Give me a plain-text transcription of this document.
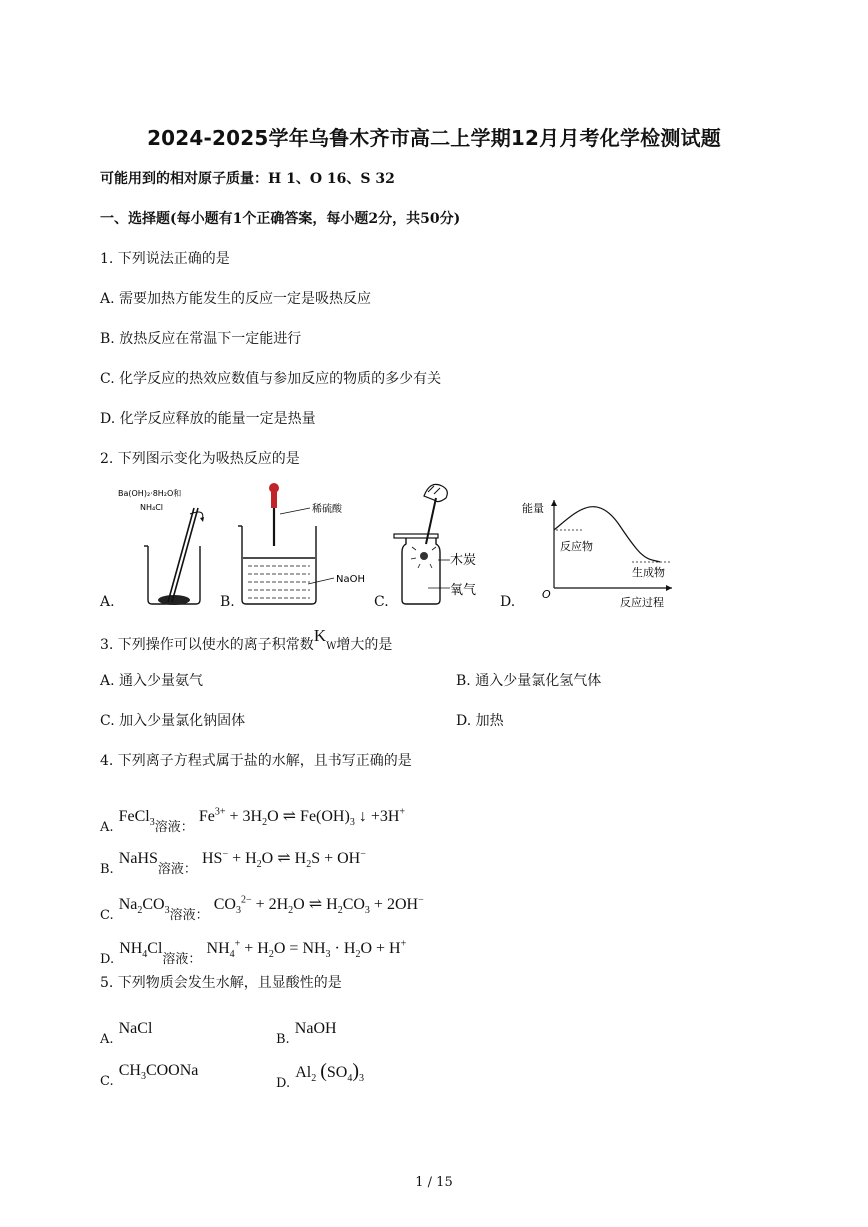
2024-2025学年乌鲁木齐市高二上学期12月月考化学检测试题
可能用到的相对原子质量：H 1、O 16、S 32
一、选择题(每小题有1个正确答案，每小题2分，共50分)
1. 下列说法正确的是
A. 需要加热方能发生的反应一定是吸热反应
B. 放热反应在常温下一定能进行
C. 化学反应的热效应数值与参加反应的物质的多少有关
D. 化学反应释放的能量一定是热量
2. 下列图示变化为吸热反应的是
A.
Ba(OH)₂·8H₂O和
NH₄Cl
B.
稀硫酸
NaOH
C.
木炭
氧气
D.
能量
O
反应过程
反应物
生成物
3. 下列操作可以使水的离子积常数KW增大的是
A. 通入少量氨气	B. 通入少量氯化氢气体
C. 加入少量氯化钠固体	D. 加热
4. 下列离子方程式属于盐的水解，且书写正确的是
A. FeCl$_3$溶液： $Fe^{3+} + 3H_2O$ ⇌ $Fe(OH)_3$ ↓ +3H+
B. NaHS溶液： $HS^- + H_2O$ ⇌ $H_2S + OH^-$
C. $Na_2CO_3$溶液： $CO_3^{2-} + 2H_2O$ ⇌ $H_2CO_3 + 2OH^-$
D. $NH_4Cl$溶液： $NH_4^+ + H_2O = NH_3 \cdot H_2O + H^+$
5. 下列物质会发生水解，且显酸性的是
A. NaCl
B. NaOH
C. $CH_3COONa$
D. $Al_2$ $(SO_4)_3$
1 / 15
